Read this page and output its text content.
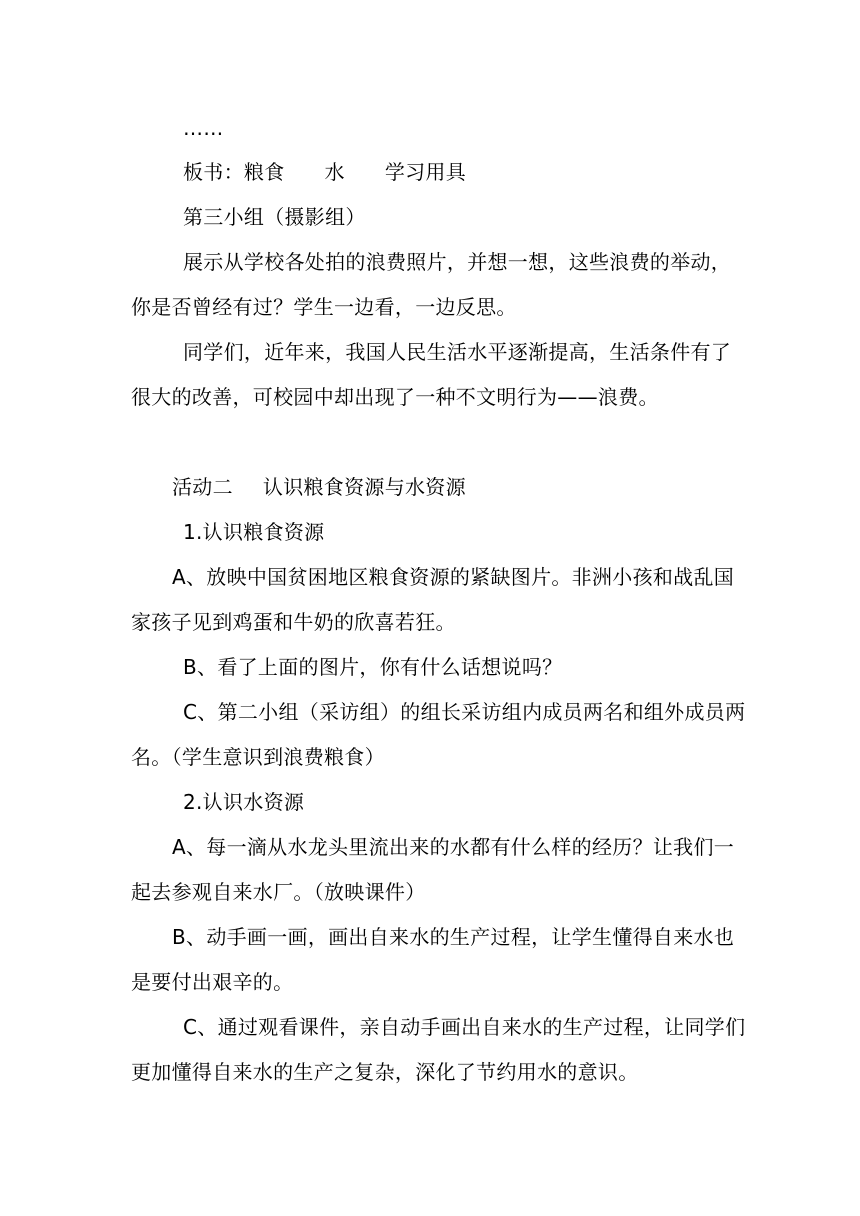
……
板书：粮食 水 学习用具
第三小组（摄影组）
展示从学校各处拍的浪费照片，并想一想，这些浪费的举动，
你是否曾经有过？学生一边看，一边反思。
同学们，近年来，我国人民生活水平逐渐提高，生活条件有了
很大的改善，可校园中却出现了一种不文明行为——浪费。
活动二 认识粮食资源与水资源
1.认识粮食资源
A、放映中国贫困地区粮食资源的紧缺图片。非洲小孩和战乱国
家孩子见到鸡蛋和牛奶的欣喜若狂。
B、看了上面的图片，你有什么话想说吗？
C、第二小组（采访组）的组长采访组内成员两名和组外成员两
名。（学生意识到浪费粮食）
2.认识水资源
A、每一滴从水龙头里流出来的水都有什么样的经历？让我们一
起去参观自来水厂。（放映课件）
B、动手画一画，画出自来水的生产过程，让学生懂得自来水也
是要付出艰辛的。
C、通过观看课件，亲自动手画出自来水的生产过程，让同学们
更加懂得自来水的生产之复杂，深化了节约用水的意识。
